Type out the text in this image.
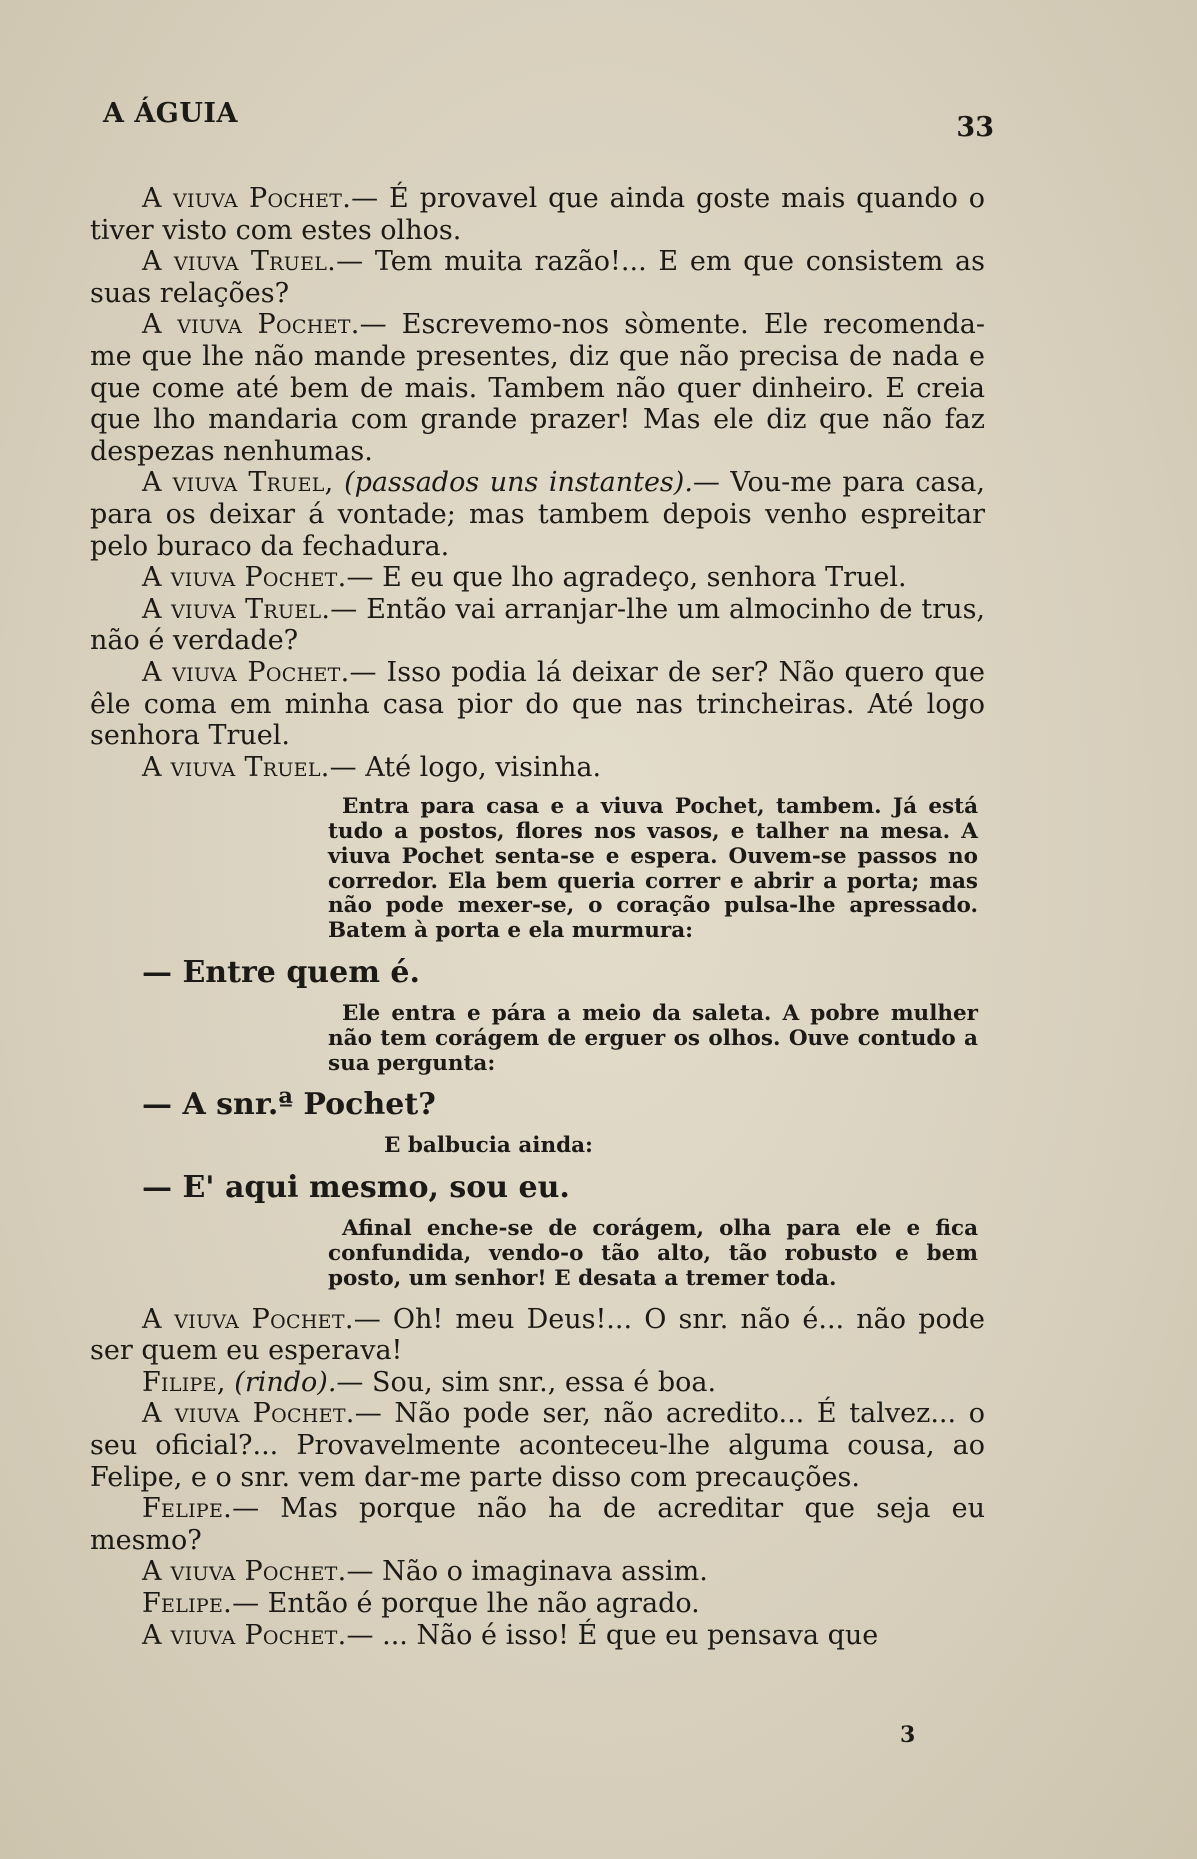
A ÁGUIA	33

A viuva Pochet.— É provavel que ainda goste mais quando o tiver visto com estes olhos.

A viuva Truel.— Tem muita razão!... E em que consistem as suas relações?

A viuva Pochet.— Escrevemo-nos sòmente. Ele recomenda-me que lhe não mande presentes, diz que não precisa de nada e que come até bem de mais. Tambem não quer dinheiro. E creia que lho mandaria com grande prazer! Mas ele diz que não faz despezas nenhumas.

A viuva Truel, (passados uns instantes).— Vou-me para casa, para os deixar á vontade; mas tambem depois venho espreitar pelo buraco da fechadura.

A viuva Pochet.— E eu que lho agradeço, senhora Truel.

A viuva Truel.— Então vai arranjar-lhe um almocinho de trus, não é verdade?

A viuva Pochet.— Isso podia lá deixar de ser? Não quero que êle coma em minha casa pior do que nas trincheiras. Até logo senhora Truel.

A viuva Truel.— Até logo, visinha.

Entra para casa e a viuva Pochet, tambem. Já está tudo a postos, flores nos vasos, e talher na mesa. A viuva Pochet senta-se e espera. Ouvem-se passos no corredor. Ela bem queria correr e abrir a porta; mas não pode mexer-se, o coração pulsa-lhe apressado. Batem à porta e ela murmura:

— Entre quem é.

Ele entra e pára a meio da saleta. A pobre mulher não tem corágem de erguer os olhos. Ouve contudo a sua pergunta:

— A snr.ª Pochet?

E balbucia ainda:

— E' aqui mesmo, sou eu.

Afinal enche-se de corágem, olha para ele e fica confundida, vendo-o tão alto, tão robusto e bem posto, um senhor! E desata a tremer toda.

A viuva Pochet.— Oh! meu Deus!... O snr. não é... não pode ser quem eu esperava!

Filipe, (rindo).— Sou, sim snr., essa é boa.

A viuva Pochet.— Não pode ser, não acredito... É talvez... o seu oficial?... Provavelmente aconteceu-lhe alguma cousa, ao Felipe, e o snr. vem dar-me parte disso com precauções.

Felipe.— Mas porque não ha de acreditar que seja eu mesmo?

A viuva Pochet.— Não o imaginava assim.

Felipe.— Então é porque lhe não agrado.

A viuva Pochet.— ... Não é isso! É que eu pensava que

3
